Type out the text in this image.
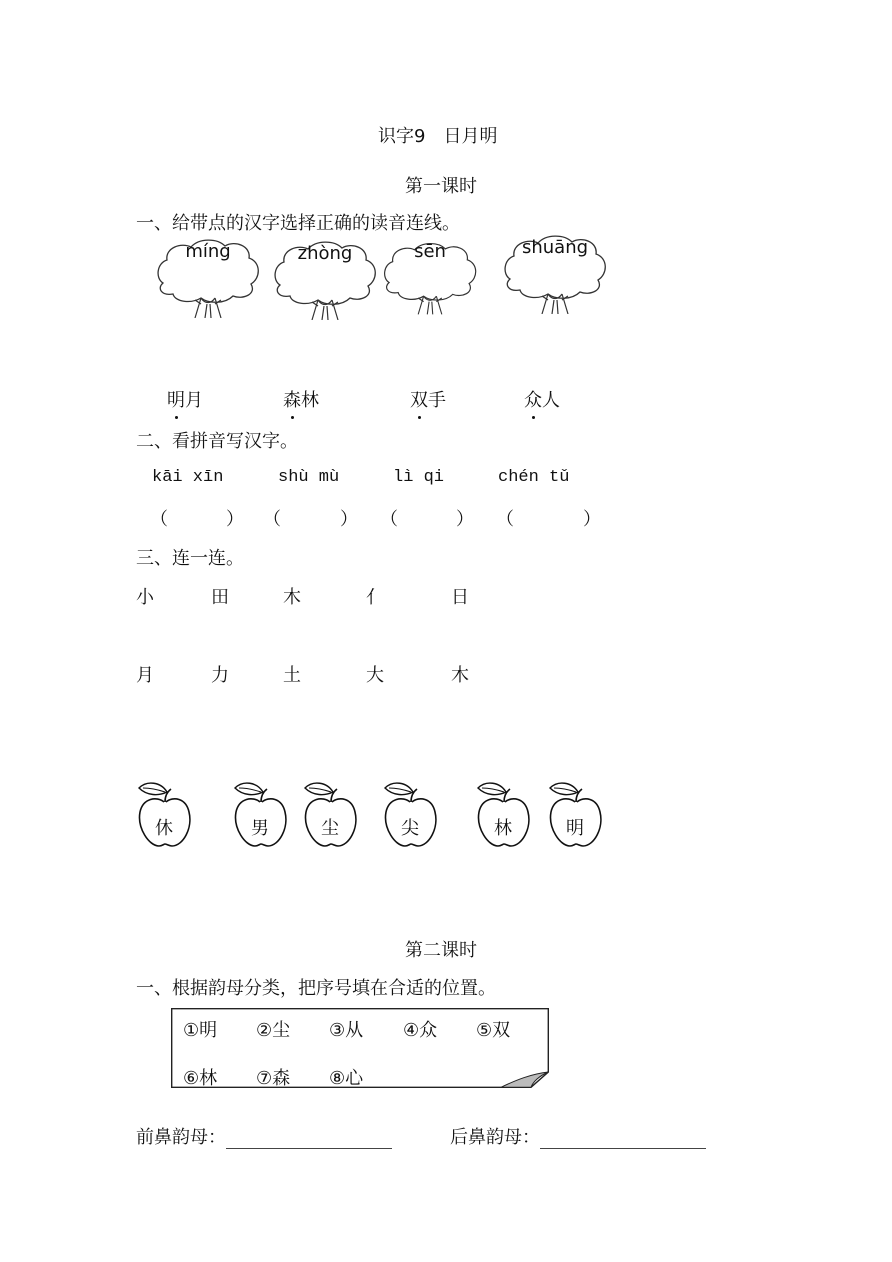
识字9　日月明
第一课时
一、给带点的汉字选择正确的读音连线。
míng	zhòng	sēn	shuāng
明月	森林	双手	众人
二、看拼音写汉字。
kāi xīn	shù mù	lì qi	chén tǔ
（	） （	） （	） （	）
三、连一连。
小	田	木	亻	日
月	力	土	大	木
休	男	尘	尖	林	明
第二课时
一、根据韵母分类，把序号填在合适的位置。
①明 ②尘 ③从 ④众 ⑤双
⑥林 ⑦森 ⑧心
前鼻韵母：	后鼻韵母：
